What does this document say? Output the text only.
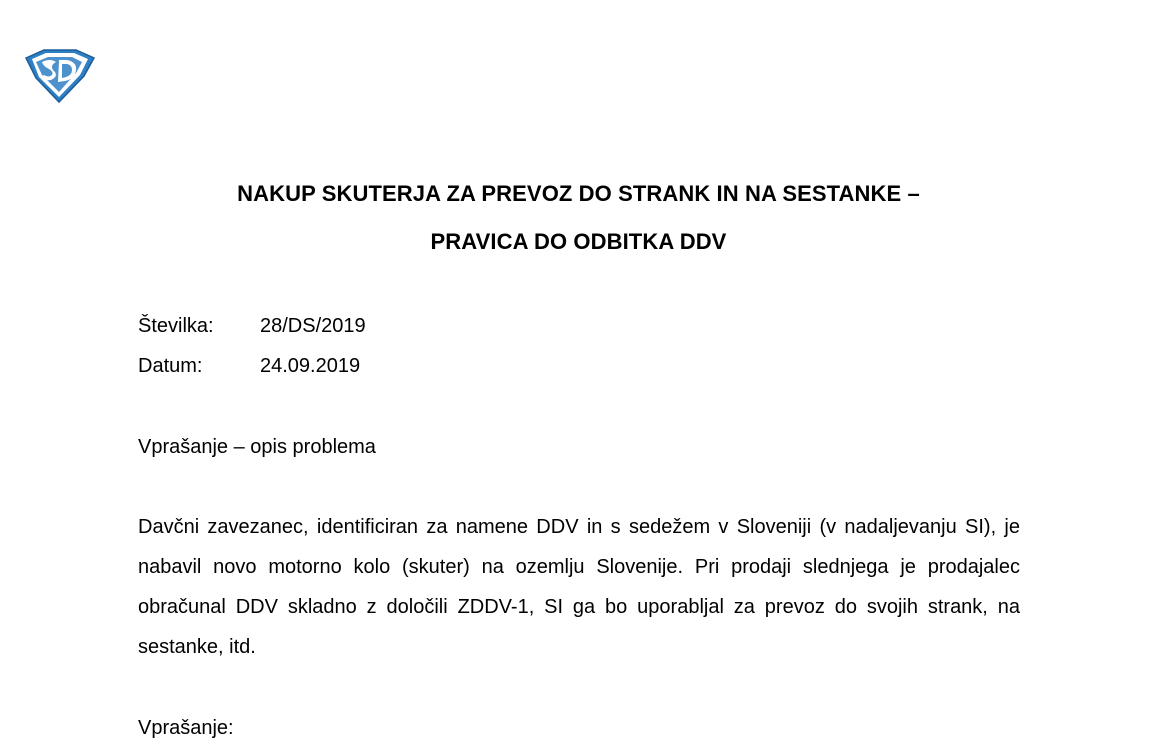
NAKUP SKUTERJA ZA PREVOZ DO STRANK IN NA SESTANKE –
PRAVICA DO ODBITKA DDV
Številka: 28/DS/2019
Datum:	24.09.2019
Vprašanje – opis problema
Davčni zavezanec, identificiran za namene DDV in s sedežem v Sloveniji (v nadaljevanju SI), je nabavil novo motorno kolo (skuter) na ozemlju Slovenije. Pri prodaji slednjega je prodajalec obračunal DDV skladno z določili ZDDV-1, SI ga bo uporabljal za prevoz do svojih strank, na sestanke, itd.
Vprašanje:
